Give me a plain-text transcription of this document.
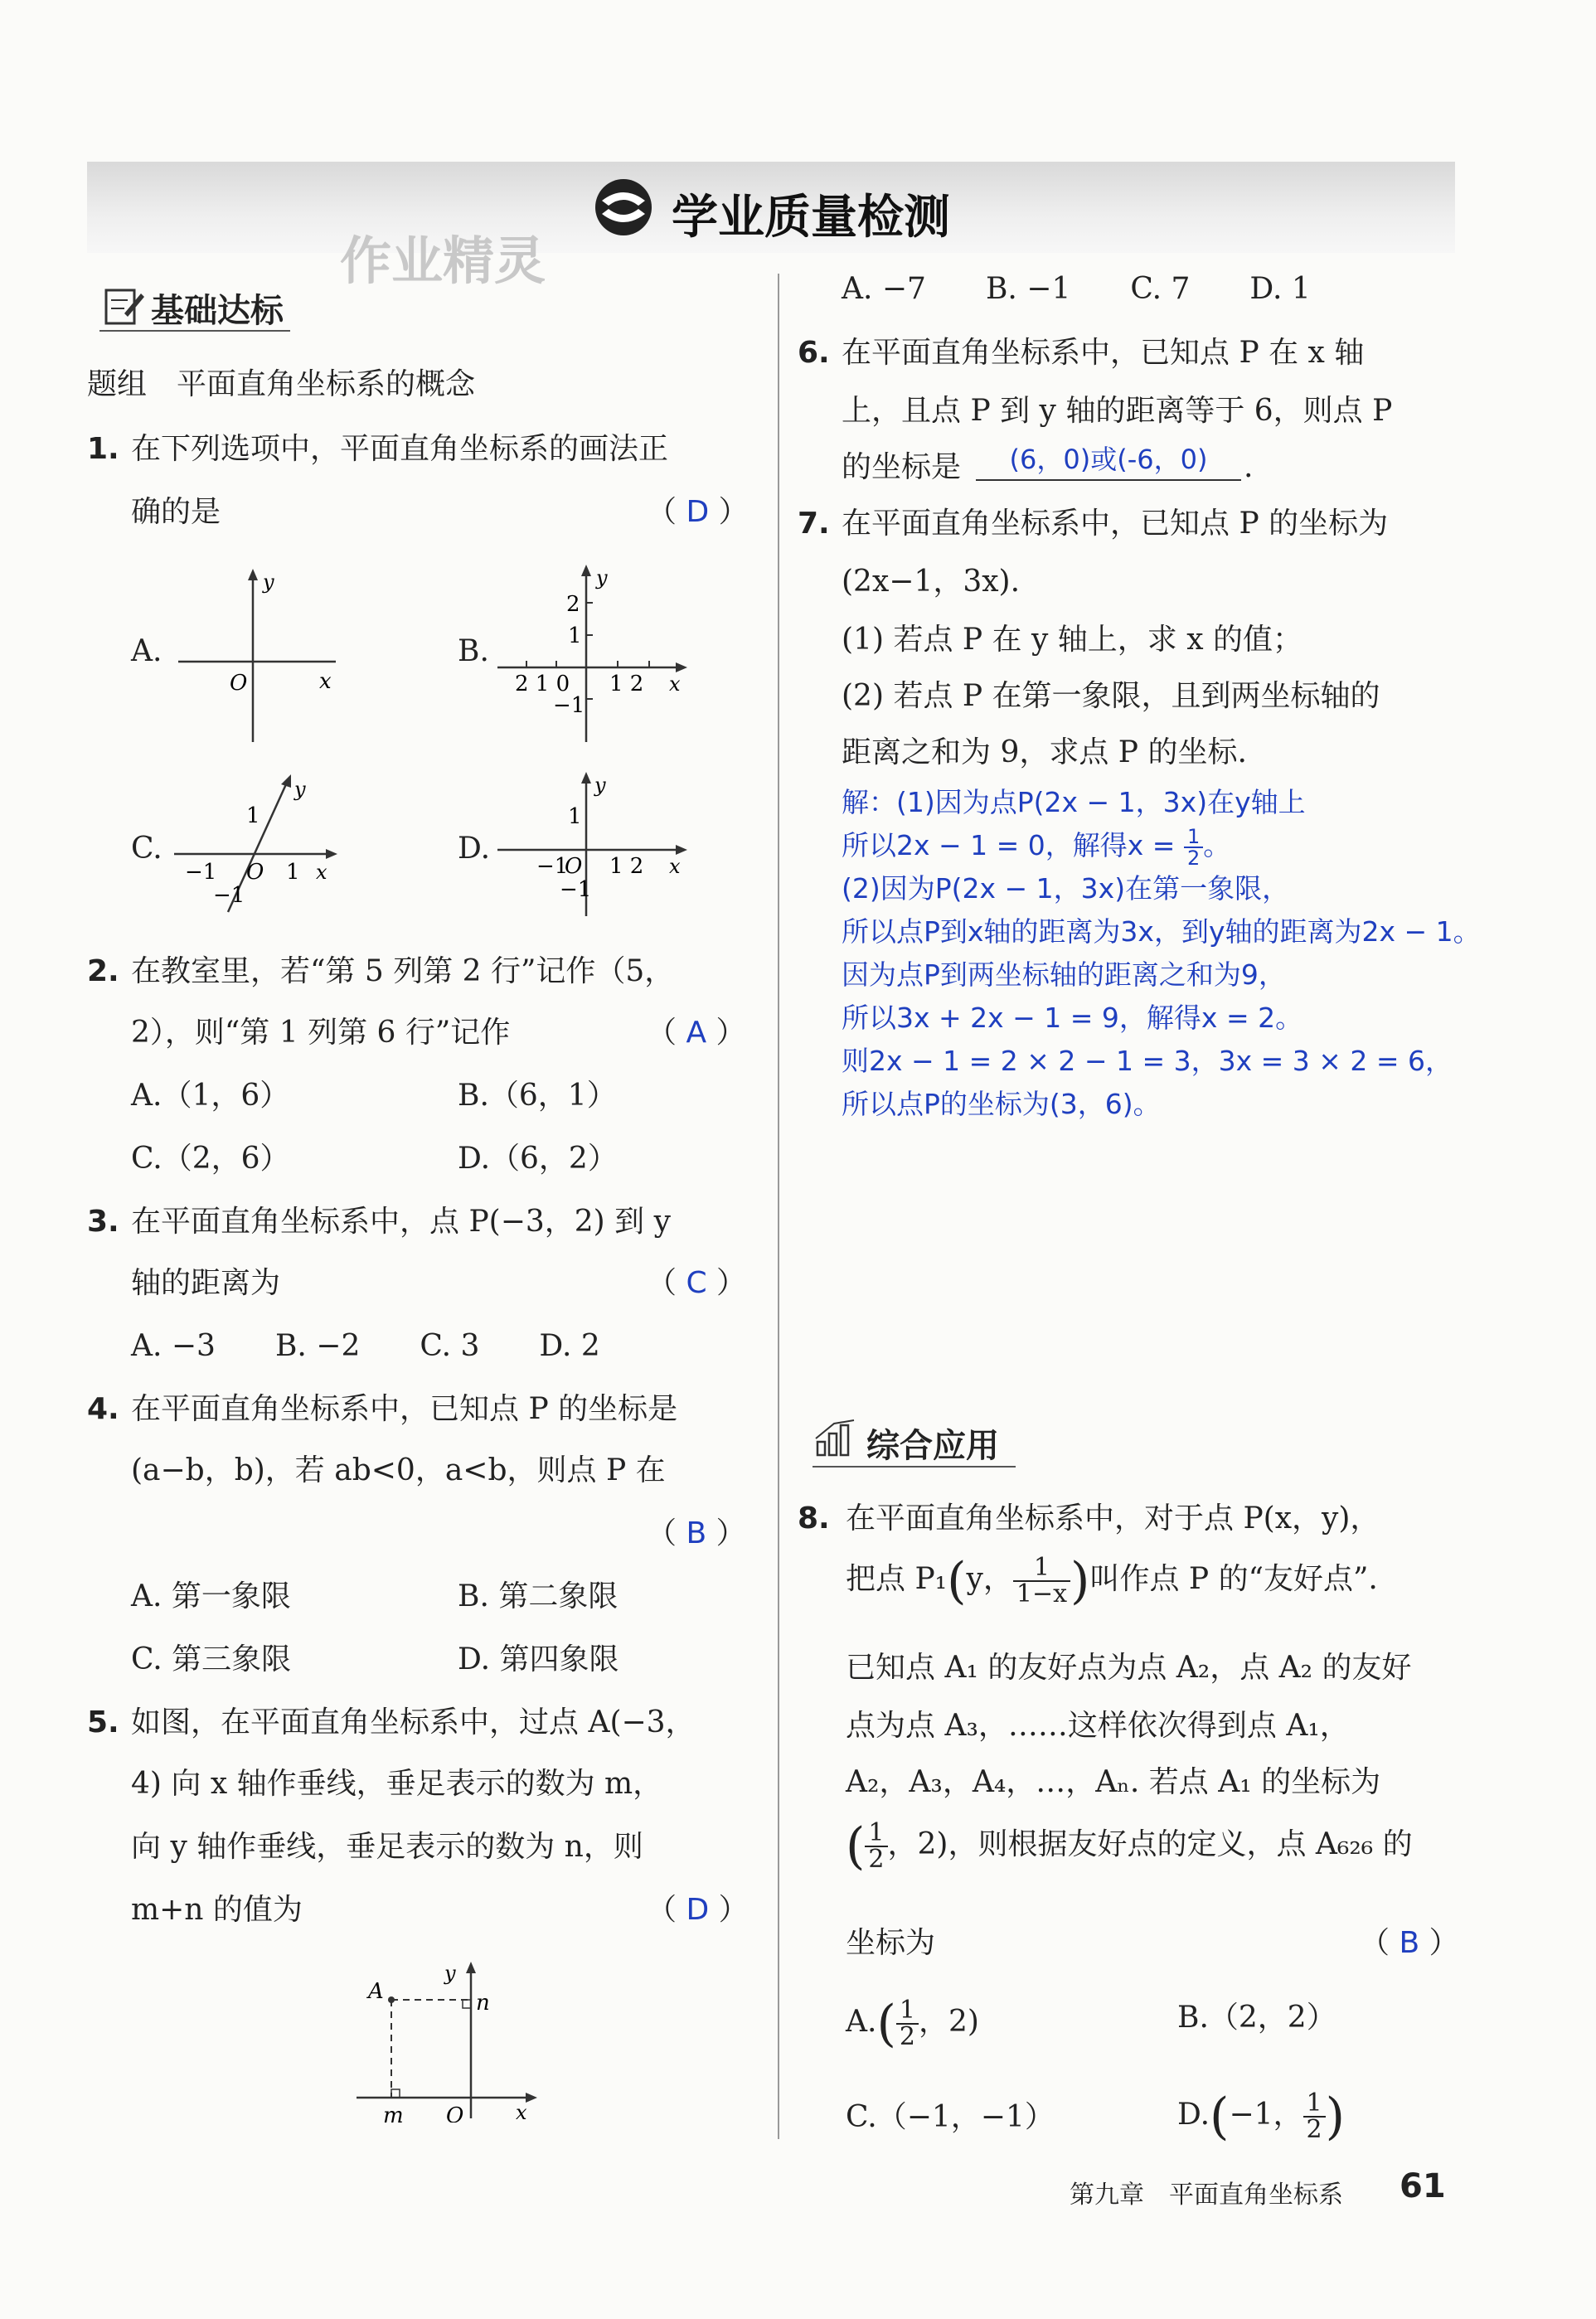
学业质量检测
作业精灵
基础达标
题组　平面直角坐标系的概念
1. 在下列选项中，平面直角坐标系的画法正
确的是	（ D ）
A.
y
O	x
B.
y
2
1
2 1 0 1 2 x
−1
C.
y
1
−1 O 1 x
−1
D.
y
1
−1
O 1 2 x
−1
2. 在教室里，若“第 5 列第 2 行”记作（5，
2），则“第 1 列第 6 行”记作	（ A ）
A.（1，6）	B.（6，1）
C.（2，6）	D.（6，2）
3. 在平面直角坐标系中，点 P(−3，2) 到 y
轴的距离为	（ C ）
A. −3　　B. −2　　C. 3　　D. 2
4. 在平面直角坐标系中，已知点 P 的坐标是
(a−b，b)，若 ab<0，a<b，则点 P 在
（ B ）
A. 第一象限	B. 第二象限
C. 第三象限	D. 第四象限
5. 如图，在平面直角坐标系中，过点 A(−3，
4) 向 x 轴作垂线，垂足表示的数为 m，
向 y 轴作垂线，垂足表示的数为 n，则
m+n 的值为	（ D ）
A
y
n
m O	x
A. −7　　B. −1　　C. 7　　D. 1
6. 在平面直角坐标系中，已知点 P 在 x 轴
上，且点 P 到 y 轴的距离等于 6，则点 P
的坐标是	(6，0)或(-6，0)	.
7. 在平面直角坐标系中，已知点 P 的坐标为
(2x−1，3x).
(1) 若点 P 在 y 轴上，求 x 的值；
(2) 若点 P 在第一象限，且到两坐标轴的
距离之和为 9，求点 P 的坐标.
解：(1)因为点P(2x − 1，3x)在y轴上
所以2x − 1 = 0，解得$x = \frac{1}{2}$ 。
(2)因为P(2x − 1，3x)在第一象限，
所以点P到x轴的距离为3x，到y轴的距离为2x − 1。
因为点P到两坐标轴的距离之和为9，
所以3x + 2x − 1 = 9，解得x = 2。
则2x − 1 = 2 × 2 − 1 = 3，3x = 3 × 2 = 6，
所以点P的坐标为(3，6)。
综合应用
8. 在平面直角坐标系中，对于点 P(x，y)，
把点 P₁(y， $\frac{1}{1-x}$ )叫作点 P 的“友好点”.
已知点 A₁ 的友好点为点 A₂，点 A₂ 的友好
点为点 A₃，……这样依次得到点 A₁，
A₂，A₃，A₄，…，Aₙ. 若点 A₁ 的坐标为
( $\frac{1}{2}$ ，2)，则根据友好点的定义，点 A₆₂₆ 的
坐标为	（ B ）
$A.( \frac{1}{2}$ ，2)	B.（2，2）
C.（−1，−1）	D.(−1， $\frac{1}{2}$ )
第九章　平面直角坐标系 61
